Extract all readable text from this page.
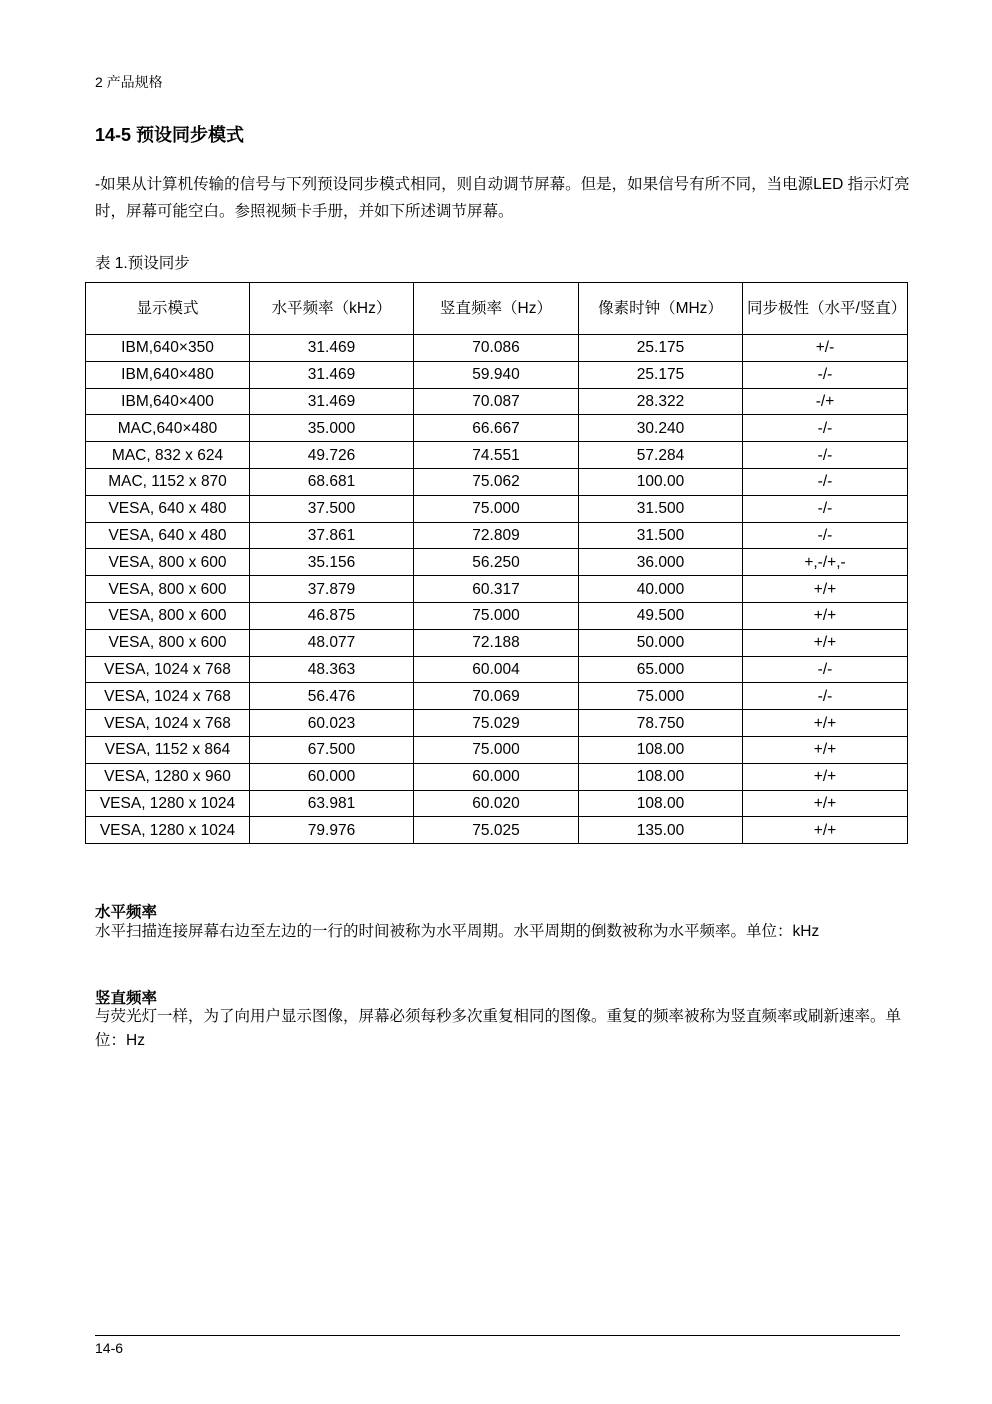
2 产品规格
14-5 预设同步模式

-如果从计算机传输的信号与下列预设同步模式相同，则自动调节屏幕。但是，如果信号有所不同，当电源LED 指示灯亮时，屏幕可能空白。参照视频卡手册，并如下所述调节屏幕。

表 1.预设同步
显示模式	水平频率（kHz）	竖直频率（Hz）	像素时钟（MHz）	同步极性（水平/竖直）
IBM,640×350	31.469	70.086	25.175	+/-
IBM,640×480	31.469	59.940	25.175	-/-
IBM,640×400	31.469	70.087	28.322	-/+
MAC,640×480	35.000	66.667	30.240	-/-
MAC, 832 x 624	49.726	74.551	57.284	-/-
MAC, 1152 x 870	68.681	75.062	100.00	-/-
VESA, 640 x 480	37.500	75.000	31.500	-/-
VESA, 640 x 480	37.861	72.809	31.500	-/-
VESA, 800 x 600	35.156	56.250	36.000	+,-/+,-
VESA, 800 x 600	37.879	60.317	40.000	+/+
VESA, 800 x 600	46.875	75.000	49.500	+/+
VESA, 800 x 600	48.077	72.188	50.000	+/+
VESA, 1024 x 768	48.363	60.004	65.000	-/-
VESA, 1024 x 768	56.476	70.069	75.000	-/-
VESA, 1024 x 768	60.023	75.029	78.750	+/+
VESA, 1152 x 864	67.500	75.000	108.00	+/+
VESA, 1280 x 960	60.000	60.000	108.00	+/+
VESA, 1280 x 1024	63.981	60.020	108.00	+/+
VESA, 1280 x 1024	79.976	75.025	135.00	+/+
水平频率
水平扫描连接屏幕右边至左边的一行的时间被称为水平周期。水平周期的倒数被称为水平频率。单位：kHz
竖直频率
与荧光灯一样，为了向用户显示图像，屏幕必须每秒多次重复相同的图像。重复的频率被称为竖直频率或刷新速率。单位：Hz
14-6
